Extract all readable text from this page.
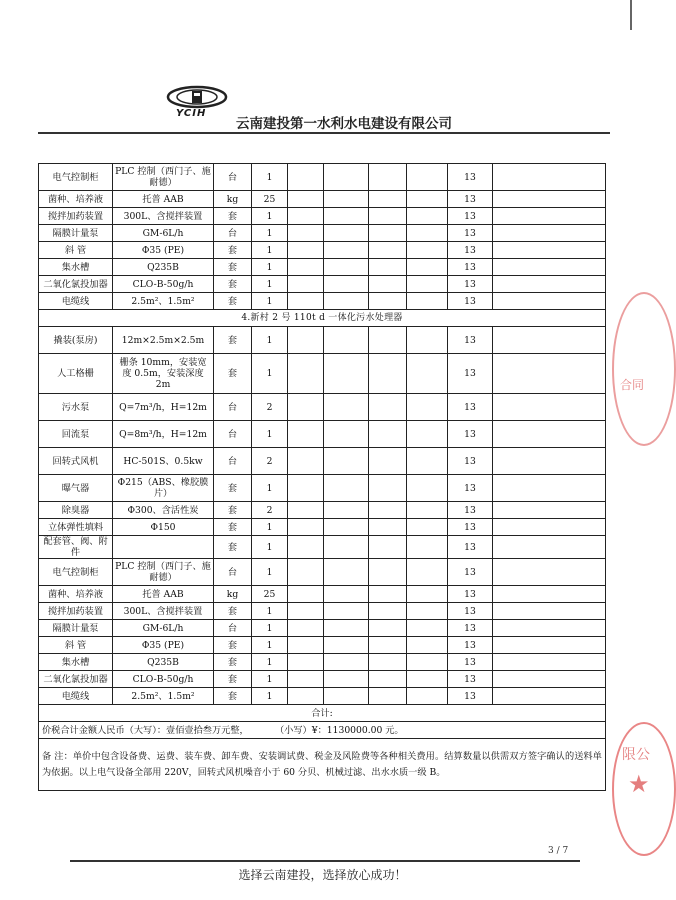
YCIH
云南建投第一水利水电建设有限公司
电气控制柜	PLC 控制（西门子、施耐德）	台	1					13	
菌种、培养液	托普 AAB	kg	25					13	
搅拌加药装置	300L、含搅拌装置	套	1					13	
隔膜计量泵	GM-6L/h	台	1					13	
斜 管	Φ35 (PE)	套	1					13	
集水槽	Q235B	套	1					13	
二氧化氯投加器	CLO-B-50g/h	套	1					13	
电缆线	2.5m²、1.5m²	套	1					13	
4.新村 2 号 110t d 一体化污水处理器									
撬装(泵房)	12m×2.5m×2.5m	套	1					13	
人工格栅	栅条 10mm，安装宽度 0.5m，安装深度 2m	套	1					13	
污水泵	Q=7m³/h，H=12m	台	2					13	
回流泵	Q=8m³/h，H=12m	台	1					13	
回转式风机	HC-501S、0.5kw	台	2					13	
曝气器	Φ215（ABS、橡胶膜片）	套	1					13	
除臭器	Φ300、含活性炭	套	2					13	
立体弹性填料	Φ150	套	1					13	
配套管、阀、附件		套	1					13	
电气控制柜	PLC 控制（西门子、施耐德）	台	1					13	
菌种、培养液	托普 AAB	kg	25					13	
搅拌加药装置	300L、含搅拌装置	套	1					13	
隔膜计量泵	GM-6L/h	台	1					13	
斜 管	Φ35 (PE)	套	1					13	
集水槽	Q235B	套	1					13	
二氧化氯投加器	CLO-B-50g/h	套	1					13	
电缆线	2.5m²、1.5m²	套	1					13	
合计:									
价税合计金额人民币（大写）：壹佰壹拾叁万元整，         （小写）¥：1130000.00 元。									
备 注：单价中包含设备费、运费、装车费、卸车费、安装调试费、税金及风险费等各种相关费用。结算数量以供需双方签字确认的送料单为依据。以上电气设备全部用 220V，回转式风机噪音小于 60 分贝、机械过滤、出水水质一级 B。									
合同
限公
★
3 / 7
选择云南建投，选择放心成功！
